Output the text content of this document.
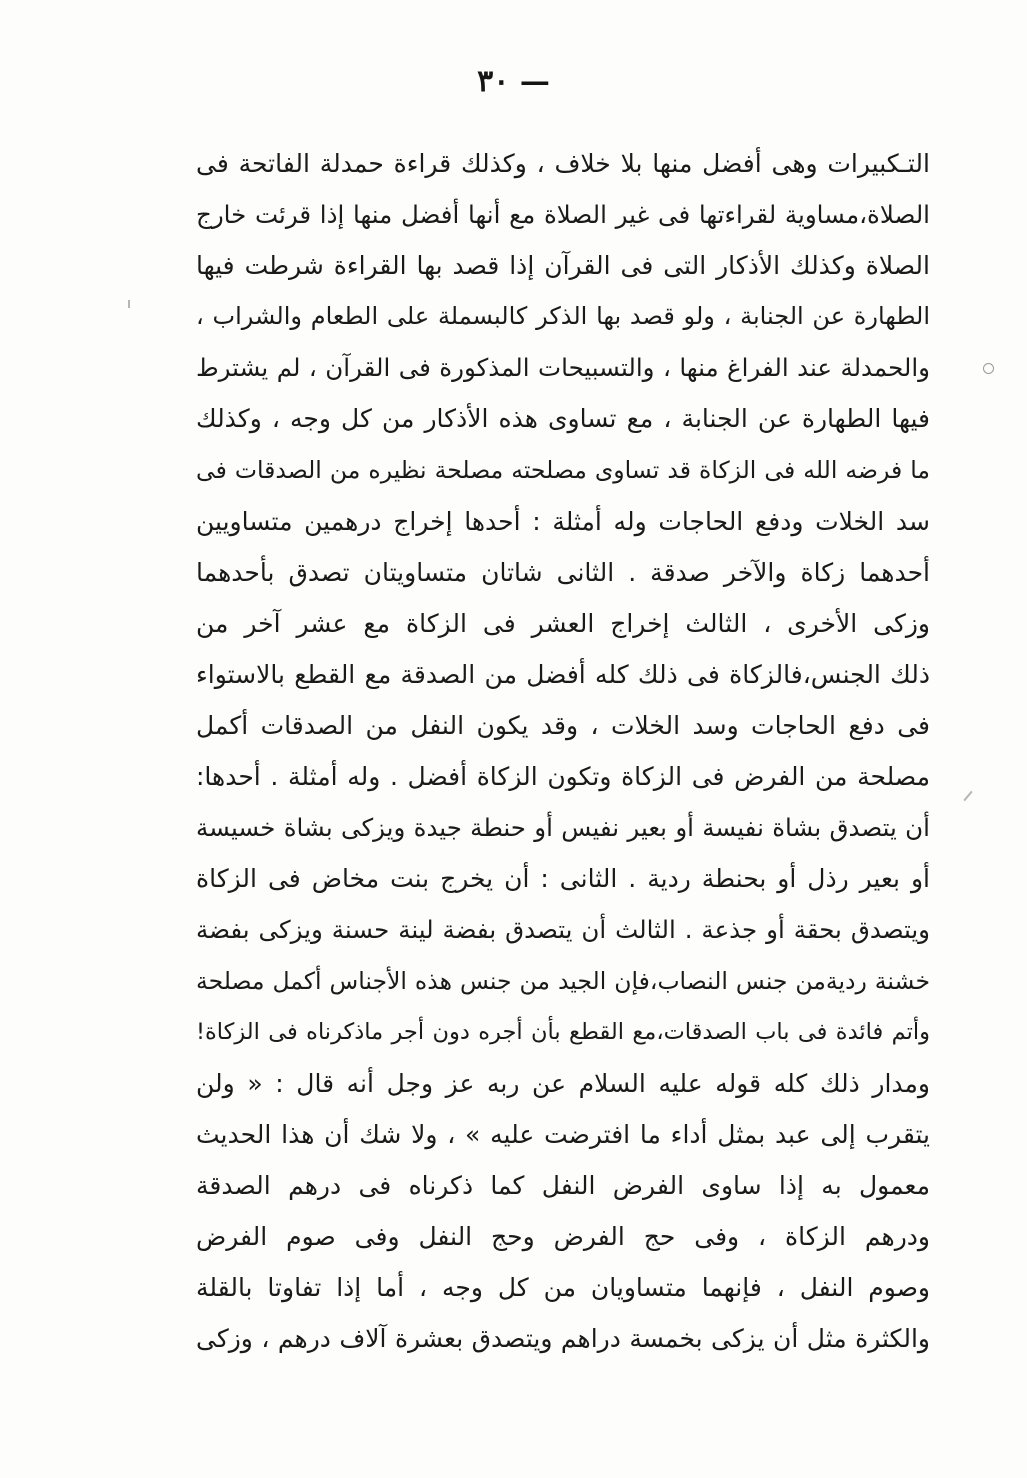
— ٣٠
التـكبيرات وهى أفضل منها بلا خلاف ، وكذلك قراءة حمدلة الفاتحة فى
الصلاة،مساوية لقراءتها فى غير الصلاة مع أنها أفضل منها إذا قرئت خارج
الصلاة وكذلك الأذكار التى فى القرآن إذا قصد بها القراءة شرطت فيها
الطهارة عن الجنابة ، ولو قصد بها الذكر كالبسملة على الطعام والشراب ،
والحمدلة عند الفراغ منها ، والتسبيحات المذكورة فى القرآن ، لم يشترط
فيها الطهارة عن الجنابة ، مع تساوى هذه الأذكار من كل وجه ، وكذلك
ما فرضه الله فى الزكاة قد تساوى مصلحته مصلحة نظيره من الصدقات فى
سد الخلات ودفع الحاجات وله أمثلة : أحدها إخراج درهمين متساويين
أحدهما زكاة والآخر صدقة . الثانى شاتان متساويتان تصدق بأحدهما
وزكى الأخرى ، الثالث إخراج العشر فى الزكاة مع عشر آخر من
ذلك الجنس،فالزكاة فى ذلك كله أفضل من الصدقة مع القطع بالاستواء
فى دفع الحاجات وسد الخلات ، وقد يكون النفل من الصدقات أكمل
مصلحة من الفرض فى الزكاة وتكون الزكاة أفضل . وله أمثلة . أحدها:
أن يتصدق بشاة نفيسة أو بعير نفيس أو حنطة جيدة ويزكى بشاة خسيسة
أو بعير رذل أو بحنطة ردية . الثانى : أن يخرج بنت مخاض فى الزكاة
ويتصدق بحقة أو جذعة . الثالث أن يتصدق بفضة لينة حسنة ويزكى بفضة
خشنة رديةمن جنس النصاب،فإن الجيد من جنس هذه الأجناس أكمل مصلحة
وأتم فائدة فى باب الصدقات،مع القطع بأن أجره دون أجر ماذكرناه فى الزكاة!
ومدار ذلك كله قوله عليه السلام عن ربه عز وجل أنه قال : « ولن
يتقرب إلى عبد بمثل أداء ما افترضت عليه » ، ولا شك أن هذا الحديث
معمول به إذا ساوى الفرض النفل كما ذكرناه فى درهم الصدقة
ودرهم الزكاة ، وفى حج الفرض وحج النفل وفى صوم الفرض
وصوم النفل ، فإنهما متساويان من كل وجه ، أما إذا تفاوتا بالقلة
والكثرة مثل أن يزكى بخمسة دراهم ويتصدق بعشرة آلاف درهم ، وزكى
